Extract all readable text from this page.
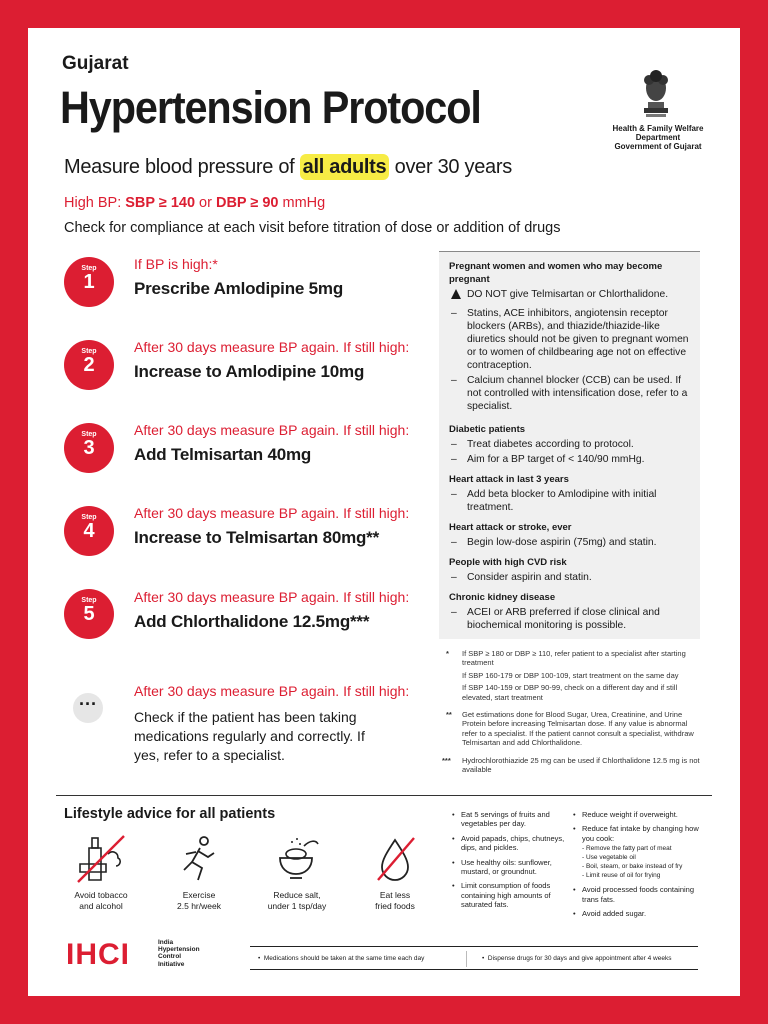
Gujarat
Hypertension Protocol	Health & Family Welfare
Department
Government of Gujarat
Measure blood pressure of all adults over 30 years
High BP: SBP ≥ 140 or DBP ≥ 90 mmHg
Check for compliance at each visit before titration of dose or addition of drugs
Step
1
If BP is high:*
Prescribe Amlodipine 5mg
Step
2
After 30 days measure BP again. If still high:
Increase to Amlodipine 10mg
Step
3
After 30 days measure BP again. If still high:
Add Telmisartan 40mg
Step
4
After 30 days measure BP again. If still high:
Increase to Telmisartan 80mg**
Step
5
After 30 days measure BP again. If still high:
Add Chlorthalidone 12.5mg***
···
After 30 days measure BP again. If still high:
Check if the patient has been taking medications regularly and correctly. If yes, refer to a specialist.
Pregnant women and women who may become pregnant
DO NOT give Telmisartan or Chlorthalidone.
– Statins, ACE inhibitors, angiotensin receptor blockers (ARBs), and thiazide/thiazide-like diuretics should not be given to pregnant women or to women of childbearing age not on effective contraception.
– Calcium channel blocker (CCB) can be used. If not controlled with intensification dose, refer to a specialist.
Diabetic patients
– Treat diabetes according to protocol.
– Aim for a BP target of < 140/90 mmHg.
Heart attack in last 3 years
– Add beta blocker to Amlodipine with initial treatment.
Heart attack or stroke, ever
– Begin low-dose aspirin (75mg) and statin.
People with high CVD risk
– Consider aspirin and statin.
Chronic kidney disease
– ACEI or ARB preferred if close clinical and biochemical monitoring is possible.
* If SBP ≥ 180 or DBP ≥ 110, refer patient to a specialist after starting treatment

If SBP 160-179 or DBP 100-109, start treatment on the same day

If SBP 140-159 or DBP 90-99, check on a different day and if still elevated, start treatment

** Get estimations done for Blood Sugar, Urea, Creatinine, and Urine Protein before increasing Telmisartan dose. If any value is abnormal refer to a specialist. If the patient cannot consult a specialist, withdraw Telmisartan and add Chlorthalidone.

*** Hydrochlorothiazide 25 mg can be used if Chlorthalidone 12.5 mg is not available

Lifestyle advice for all patients
Avoid tobacco
and alcohol
Exercise
2.5 hr/week
Reduce salt,
under 1 tsp/day
Eat less
fried foods
• Eat 5 servings of fruits and vegetables per day.
• Avoid papads, chips, chutneys, dips, and pickles.
• Use healthy oils: sunflower, mustard, or groundnut.
• Limit consumption of foods containing high amounts of saturated fats.
• Reduce weight if overweight.
• Reduce fat intake by changing how you cook:
- Remove the fatty part of meat
- Use vegetable oil
- Boil, steam, or bake instead of fry
- Limit reuse of oil for frying
• Avoid processed foods containing trans fats.
• Avoid added sugar.
IHCI	India
Hypertension
Control
Initiative
•  Medications should be taken at the same time each day	•  Dispense drugs for 30 days and give appointment after 4 weeks
